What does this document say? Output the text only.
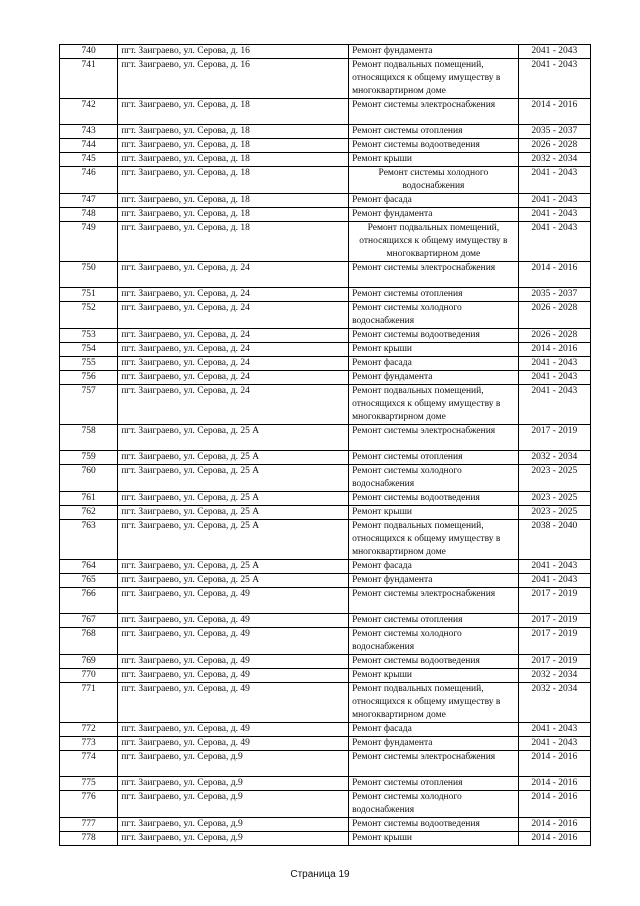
740	пгт. Заиграево, ул. Серова, д. 16	Ремонт фундамента	2041 - 2043
741	пгт. Заиграево, ул. Серова, д. 16	Ремонт подвальных помещений, относящихся к общему имуществу в многоквартирном доме	2041 - 2043
742	пгт. Заиграево, ул. Серова, д. 18	Ремонт системы электроснабжения	2014 - 2016
743	пгт. Заиграево, ул. Серова, д. 18	Ремонт системы отопления	2035 - 2037
744	пгт. Заиграево, ул. Серова, д. 18	Ремонт системы водоотведения	2026 - 2028
745	пгт. Заиграево, ул. Серова, д. 18	Ремонт крыши	2032 - 2034
746	пгт. Заиграево, ул. Серова, д. 18	Ремонт системы холодного водоснабжения	2041 - 2043
747	пгт. Заиграево, ул. Серова, д. 18	Ремонт фасада	2041 - 2043
748	пгт. Заиграево, ул. Серова, д. 18	Ремонт фундамента	2041 - 2043
749	пгт. Заиграево, ул. Серова, д. 18	Ремонт подвальных помещений, относящихся к общему имуществу в многоквартирном доме	2041 - 2043
750	пгт. Заиграево, ул. Серова, д. 24	Ремонт системы электроснабжения	2014 - 2016
751	пгт. Заиграево, ул. Серова, д. 24	Ремонт системы отопления	2035 - 2037
752	пгт. Заиграево, ул. Серова, д. 24	Ремонт системы холодного водоснабжения	2026 - 2028
753	пгт. Заиграево, ул. Серова, д. 24	Ремонт системы водоотведения	2026 - 2028
754	пгт. Заиграево, ул. Серова, д. 24	Ремонт крыши	2014 - 2016
755	пгт. Заиграево, ул. Серова, д. 24	Ремонт фасада	2041 - 2043
756	пгт. Заиграево, ул. Серова, д. 24	Ремонт фундамента	2041 - 2043
757	пгт. Заиграево, ул. Серова, д. 24	Ремонт подвальных помещений, относящихся к общему имуществу в многоквартирном доме	2041 - 2043
758	пгт. Заиграево, ул. Серова, д. 25 А	Ремонт системы электроснабжения	2017 - 2019
759	пгт. Заиграево, ул. Серова, д. 25 А	Ремонт системы отопления	2032 - 2034
760	пгт. Заиграево, ул. Серова, д. 25 А	Ремонт системы холодного водоснабжения	2023 - 2025
761	пгт. Заиграево, ул. Серова, д. 25 А	Ремонт системы водоотведения	2023 - 2025
762	пгт. Заиграево, ул. Серова, д. 25 А	Ремонт крыши	2023 - 2025
763	пгт. Заиграево, ул. Серова, д. 25 А	Ремонт подвальных помещений, относящихся к общему имуществу в многоквартирном доме	2038 - 2040
764	пгт. Заиграево, ул. Серова, д. 25 А	Ремонт фасада	2041 - 2043
765	пгт. Заиграево, ул. Серова, д. 25 А	Ремонт фундамента	2041 - 2043
766	пгт. Заиграево, ул. Серова, д. 49	Ремонт системы электроснабжения	2017 - 2019
767	пгт. Заиграево, ул. Серова, д. 49	Ремонт системы отопления	2017 - 2019
768	пгт. Заиграево, ул. Серова, д. 49	Ремонт системы холодного водоснабжения	2017 - 2019
769	пгт. Заиграево, ул. Серова, д. 49	Ремонт системы водоотведения	2017 - 2019
770	пгт. Заиграево, ул. Серова, д. 49	Ремонт крыши	2032 - 2034
771	пгт. Заиграево, ул. Серова, д. 49	Ремонт подвальных помещений, относящихся к общему имуществу в многоквартирном доме	2032 - 2034
772	пгт. Заиграево, ул. Серова, д. 49	Ремонт фасада	2041 - 2043
773	пгт. Заиграево, ул. Серова, д. 49	Ремонт фундамента	2041 - 2043
774	пгт. Заиграево, ул. Серова, д.9	Ремонт системы электроснабжения	2014 - 2016
775	пгт. Заиграево, ул. Серова, д.9	Ремонт системы отопления	2014 - 2016
776	пгт. Заиграево, ул. Серова, д.9	Ремонт системы холодного водоснабжения	2014 - 2016
777	пгт. Заиграево, ул. Серова, д.9	Ремонт системы водоотведения	2014 - 2016
778	пгт. Заиграево, ул. Серова, д.9	Ремонт крыши	2014 - 2016
Страница 19
